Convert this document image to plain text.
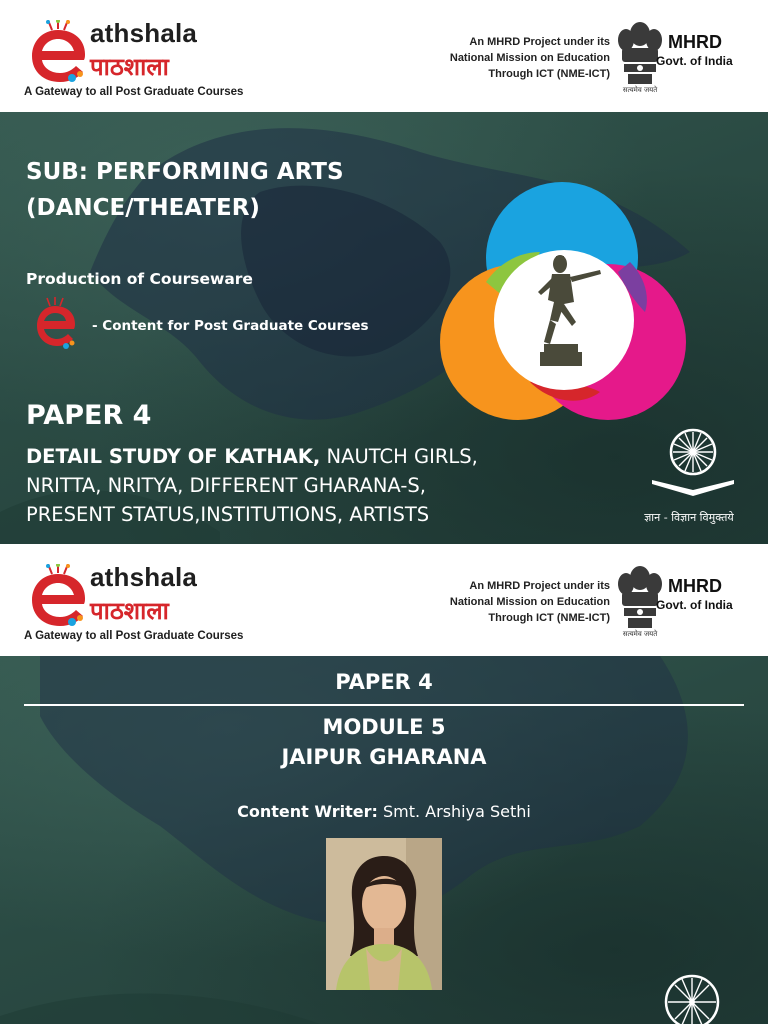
athshala
पाठशाला
A Gateway to all Post Graduate Courses
An MHRD Project under its
National Mission on Education
Through ICT (NME-ICT)
सत्यमेव जयते
MHRD
Govt. of India
SUB: PERFORMING ARTS
(DANCE/THEATER)
Production of Courseware
- Content for Post Graduate Courses
PAPER 4
DETAIL STUDY OF KATHAK, NAUTCH GIRLS,
NRITTA, NRITYA, DIFFERENT GHARANA-S,
PRESENT STATUS,INSTITUTIONS, ARTISTS	ज्ञान - विज्ञान विमुक्तये
athshala
पाठशाला
A Gateway to all Post Graduate Courses
An MHRD Project under its
National Mission on Education
Through ICT (NME-ICT)
सत्यमेव जयते
MHRD
Govt. of India
PAPER 4
MODULE 5
JAIPUR GHARANA
Content Writer: Smt. Arshiya Sethi
